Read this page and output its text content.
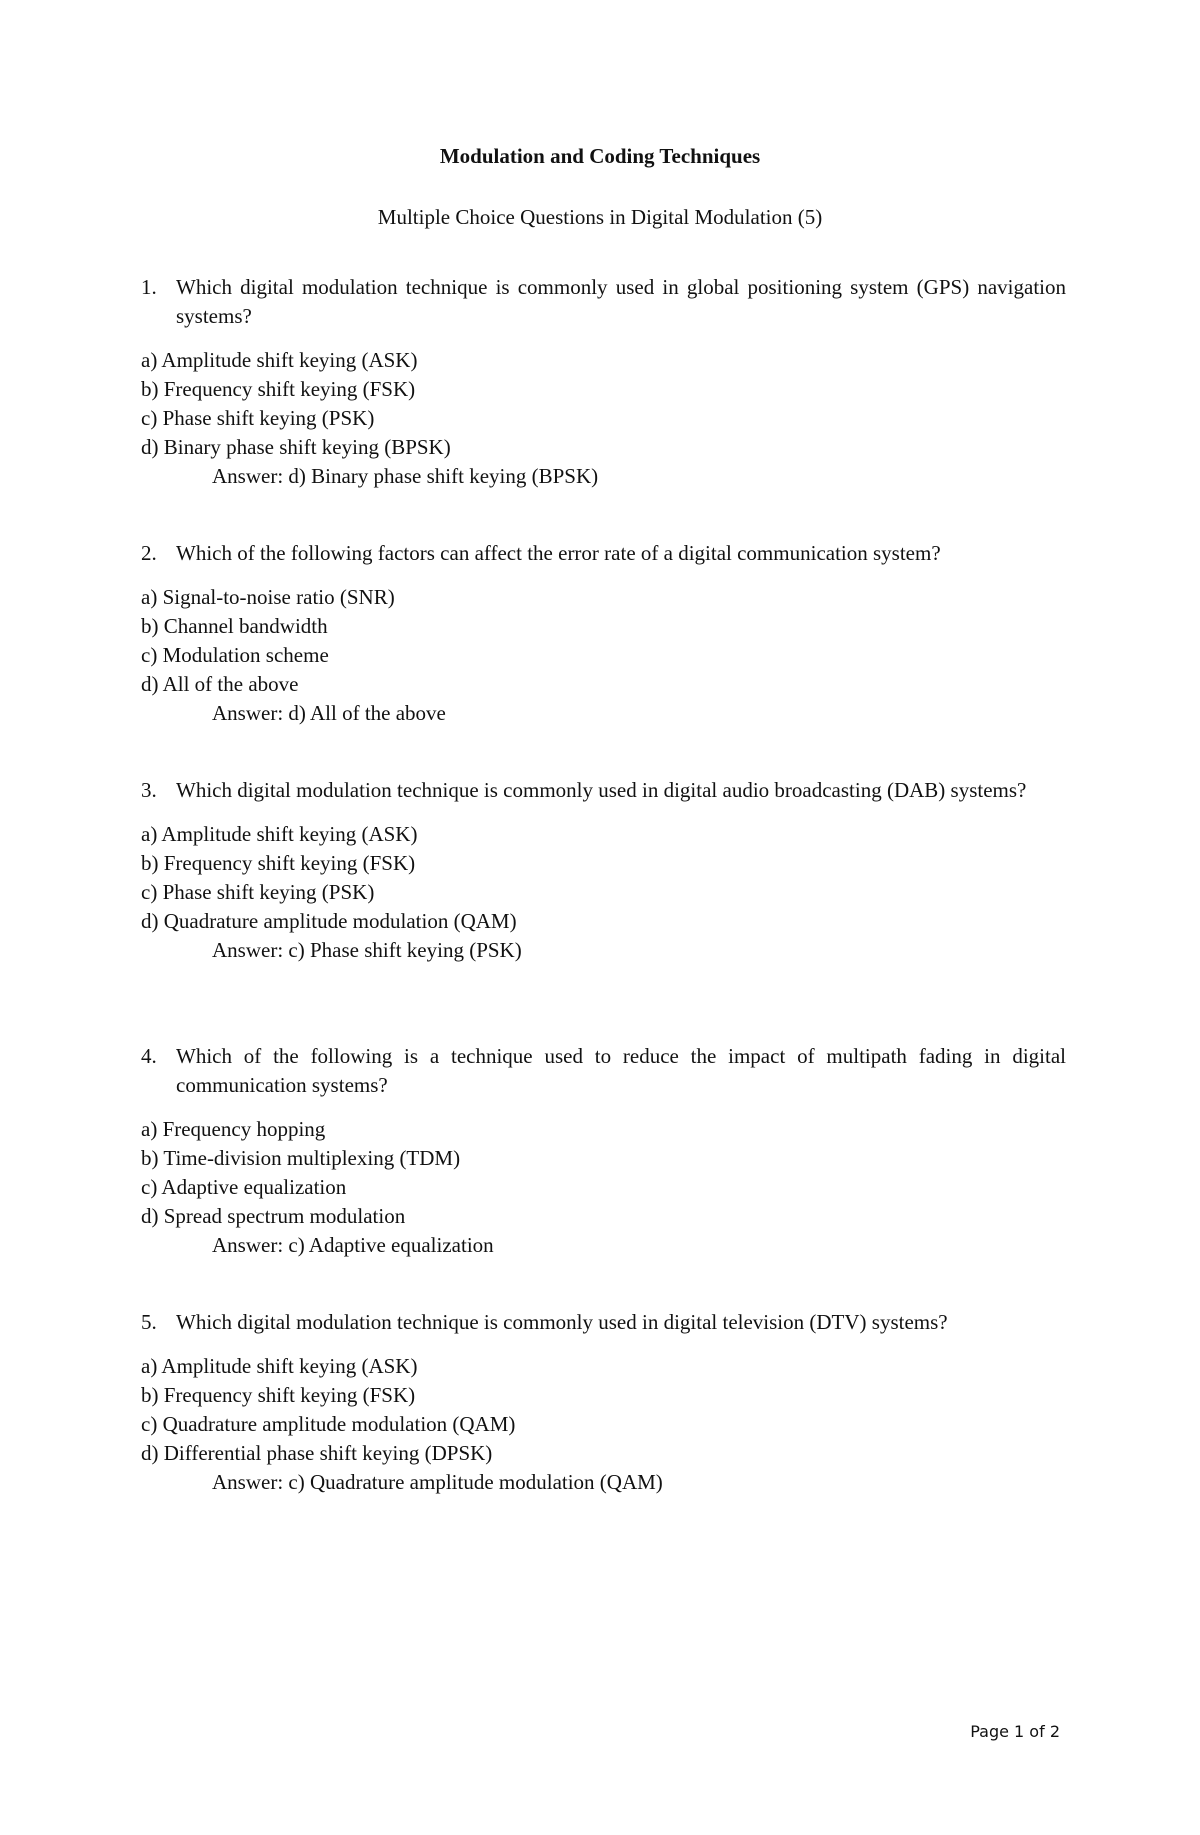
Modulation and Coding Techniques
Multiple Choice Questions in Digital Modulation (5)
1. Which digital modulation technique is commonly used in global positioning system (GPS) navigation systems?
a) Amplitude shift keying (ASK)
b) Frequency shift keying (FSK)
c) Phase shift keying (PSK)
d) Binary phase shift keying (BPSK)
Answer: d) Binary phase shift keying (BPSK)
2. Which of the following factors can affect the error rate of a digital communication system?
a) Signal-to-noise ratio (SNR)
b) Channel bandwidth
c) Modulation scheme
d) All of the above
Answer: d) All of the above
3. Which digital modulation technique is commonly used in digital audio broadcasting (DAB) systems?
a) Amplitude shift keying (ASK)
b) Frequency shift keying (FSK)
c) Phase shift keying (PSK)
d) Quadrature amplitude modulation (QAM)
Answer: c) Phase shift keying (PSK)
4. Which of the following is a technique used to reduce the impact of multipath fading in digital communication systems?
a) Frequency hopping
b) Time-division multiplexing (TDM)
c) Adaptive equalization
d) Spread spectrum modulation
Answer: c) Adaptive equalization
5. Which digital modulation technique is commonly used in digital television (DTV) systems?
a) Amplitude shift keying (ASK)
b) Frequency shift keying (FSK)
c) Quadrature amplitude modulation (QAM)
d) Differential phase shift keying (DPSK)
Answer: c) Quadrature amplitude modulation (QAM)
Page 1 of 2
